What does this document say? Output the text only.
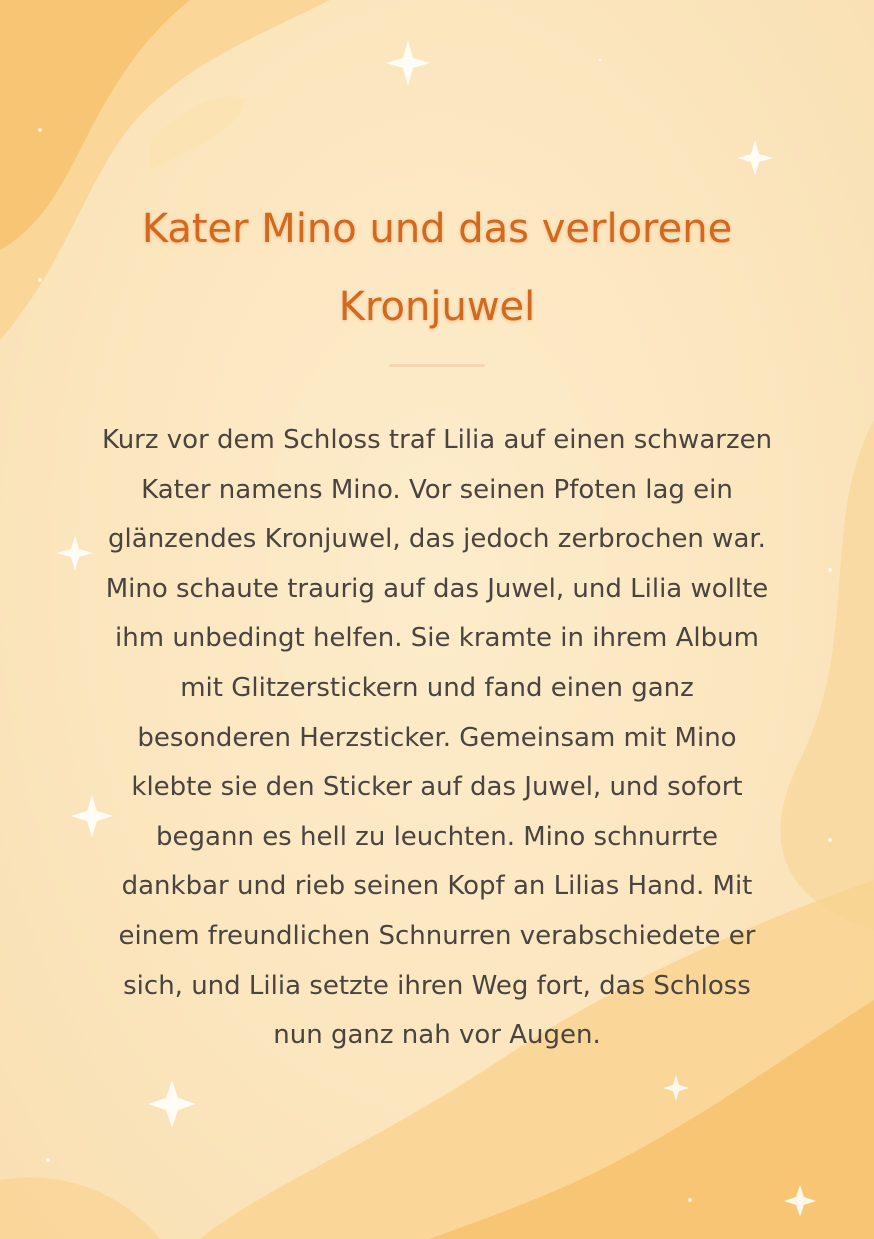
Kater Mino und das verlorene Kronjuwel

Kurz vor dem Schloss traf Lilia auf einen schwarzen Kater namens Mino. Vor seinen Pfoten lag ein glänzendes Kronjuwel, das jedoch zerbrochen war. Mino schaute traurig auf das Juwel, und Lilia wollte ihm unbedingt helfen. Sie kramte in ihrem Album mit Glitzerstickern und fand einen ganz besonderen Herzsticker. Gemeinsam mit Mino klebte sie den Sticker auf das Juwel, und sofort begann es hell zu leuchten. Mino schnurrte dankbar und rieb seinen Kopf an Lilias Hand. Mit einem freundlichen Schnurren verabschiedete er sich, und Lilia setzte ihren Weg fort, das Schloss nun ganz nah vor Augen.
